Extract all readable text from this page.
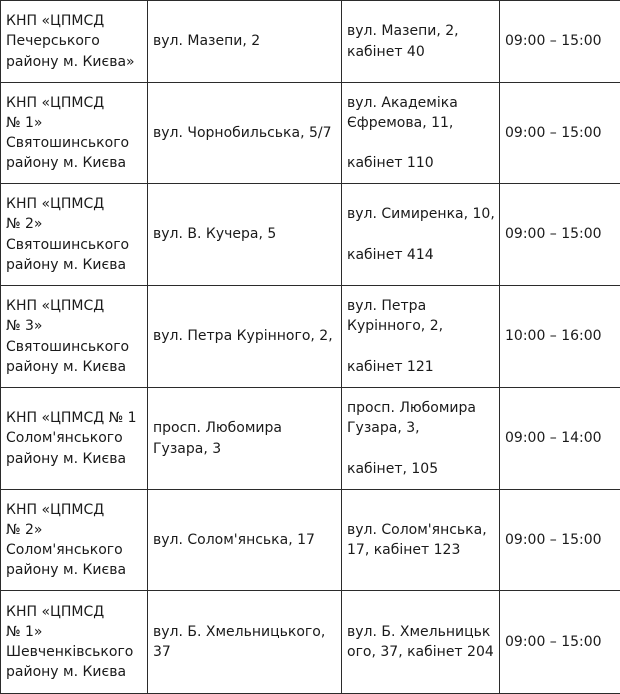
КНП «ЦПМСД
Печерського
району м. Києва»	вул. Мазепи, 2	вул. Мазепи, 2,
кабінет 40	09:00 – 15:00

КНП «ЦПМСД
№ 1»
Святошинського
району м. Києва	вул. Чорнобильська, 5/7	вул. Академіка
Єфремова, 11,
кабінет 110	09:00 – 15:00

КНП «ЦПМСД
№ 2»
Святошинського
району м. Києва	вул. В. Кучера, 5	вул. Симиренка, 10,
кабінет 414	09:00 – 15:00

КНП «ЦПМСД
№ 3»
Святошинського
району м. Києва	вул. Петра Курінного, 2,	вул. Петра
Курінного, 2,
кабінет 121	10:00 – 16:00

КНП «ЦПМСД № 1
Солом'янського
району м. Києва	просп. Любомира
Гузара, 3	просп. Любомира
Гузара, 3,
кабінет, 105	09:00 – 14:00

КНП «ЦПМСД
№ 2»
Солом'янського
району м. Києва	вул. Солом'янська, 17	вул. Солом'янська,
17, кабінет 123	09:00 – 15:00

КНП «ЦПМСД
№ 1»
Шевченківського
району м. Києва	вул. Б. Хмельницького,
37	вул. Б. Хмельницьк
ого, 37, кабінет 204	09:00 – 15:00
